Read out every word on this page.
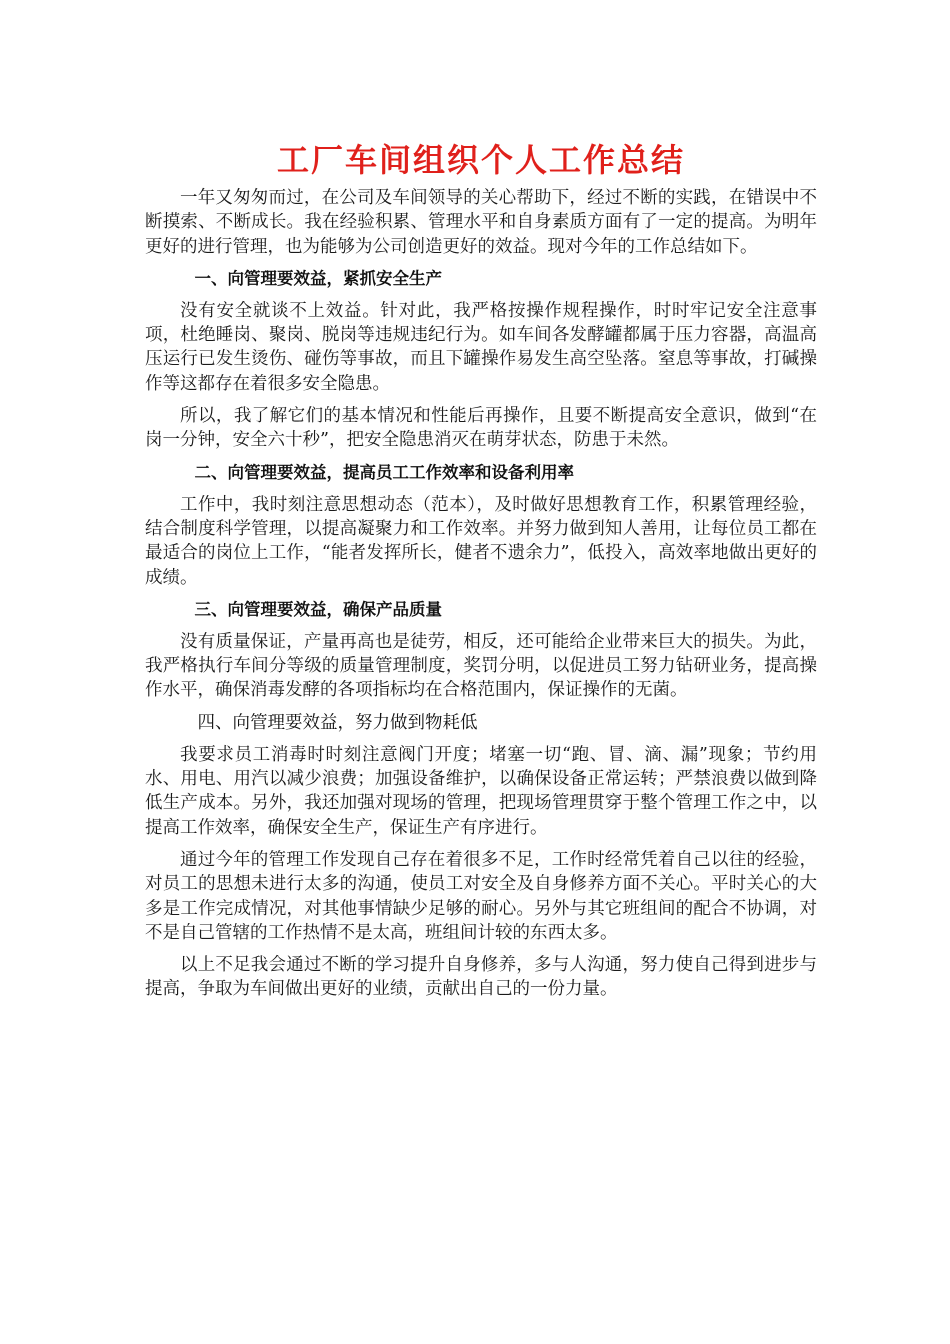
工厂车间组织个人工作总结

一年又匆匆而过，在公司及车间领导的关心帮助下，经过不断的实践，在错误中不断摸索、不断成长。我在经验积累、管理水平和自身素质方面有了一定的提高。为明年更好的进行管理，也为能够为公司创造更好的效益。现对今年的工作总结如下。

一、向管理要效益，紧抓安全生产

没有安全就谈不上效益。针对此，我严格按操作规程操作，时时牢记安全注意事项，杜绝睡岗、聚岗、脱岗等违规违纪行为。如车间各发酵罐都属于压力容器，高温高压运行已发生烫伤、碰伤等事故，而且下罐操作易发生高空坠落。窒息等事故，打碱操作等这都存在着很多安全隐患。

所以，我了解它们的基本情况和性能后再操作，且要不断提高安全意识，做到“在岗一分钟，安全六十秒”，把安全隐患消灭在萌芽状态，防患于未然。

二、向管理要效益，提高员工工作效率和设备利用率

工作中，我时刻注意思想动态（范本），及时做好思想教育工作，积累管理经验，结合制度科学管理，以提高凝聚力和工作效率。并努力做到知人善用，让每位员工都在最适合的岗位上工作，“能者发挥所长，健者不遗余力”，低投入，高效率地做出更好的成绩。

三、向管理要效益，确保产品质量

没有质量保证，产量再高也是徒劳，相反，还可能给企业带来巨大的损失。为此，我严格执行车间分等级的质量管理制度，奖罚分明，以促进员工努力钻研业务，提高操作水平，确保消毒发酵的各项指标均在合格范围内，保证操作的无菌。

四、向管理要效益，努力做到物耗低

我要求员工消毒时时刻注意阀门开度；堵塞一切“跑、冒、滴、漏”现象；节约用水、用电、用汽以减少浪费；加强设备维护，以确保设备正常运转；严禁浪费以做到降低生产成本。另外，我还加强对现场的管理，把现场管理贯穿于整个管理工作之中，以提高工作效率，确保安全生产，保证生产有序进行。

通过今年的管理工作发现自己存在着很多不足，工作时经常凭着自己以往的经验，对员工的思想未进行太多的沟通，使员工对安全及自身修养方面不关心。平时关心的大多是工作完成情况，对其他事情缺少足够的耐心。另外与其它班组间的配合不协调，对不是自己管辖的工作热情不是太高，班组间计较的东西太多。

以上不足我会通过不断的学习提升自身修养，多与人沟通，努力使自己得到进步与提高，争取为车间做出更好的业绩，贡献出自己的一份力量。
